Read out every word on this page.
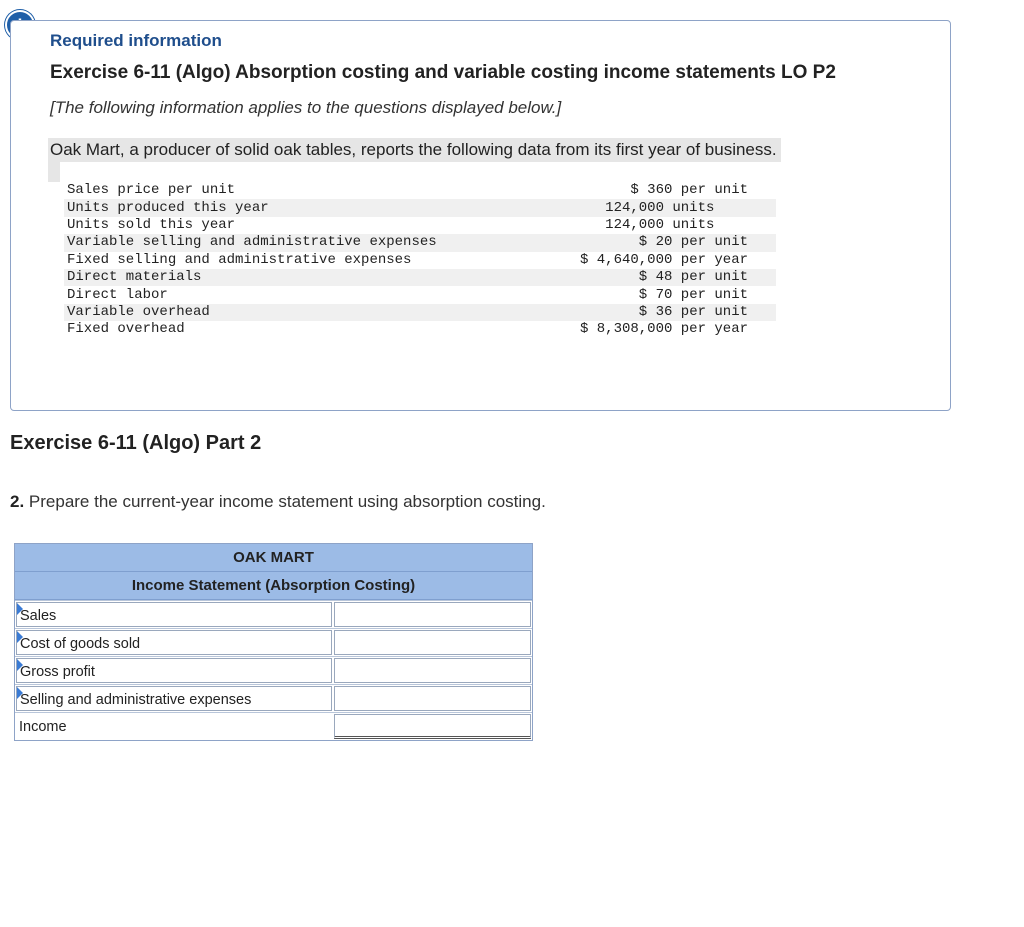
Required information
Exercise 6-11 (Algo) Absorption costing and variable costing income statements LO P2
[The following information applies to the questions displayed below.]
Oak Mart, a producer of solid oak tables, reports the following data from its first year of business.
Sales price per unit	$ 360 per unit
Units produced this year	124,000 units
Units sold this year	124,000 units
Variable selling and administrative expenses	$ 20 per unit
Fixed selling and administrative expenses	$ 4,640,000 per year
Direct materials	$ 48 per unit
Direct labor	$ 70 per unit
Variable overhead	$ 36 per unit
Fixed overhead	$ 8,308,000 per year
Exercise 6-11 (Algo) Part 2
2. Prepare the current-year income statement using absorption costing.
OAK MART
Income Statement (Absorption Costing)
Sales
Cost of goods sold
Gross profit
Selling and administrative expenses
Income
